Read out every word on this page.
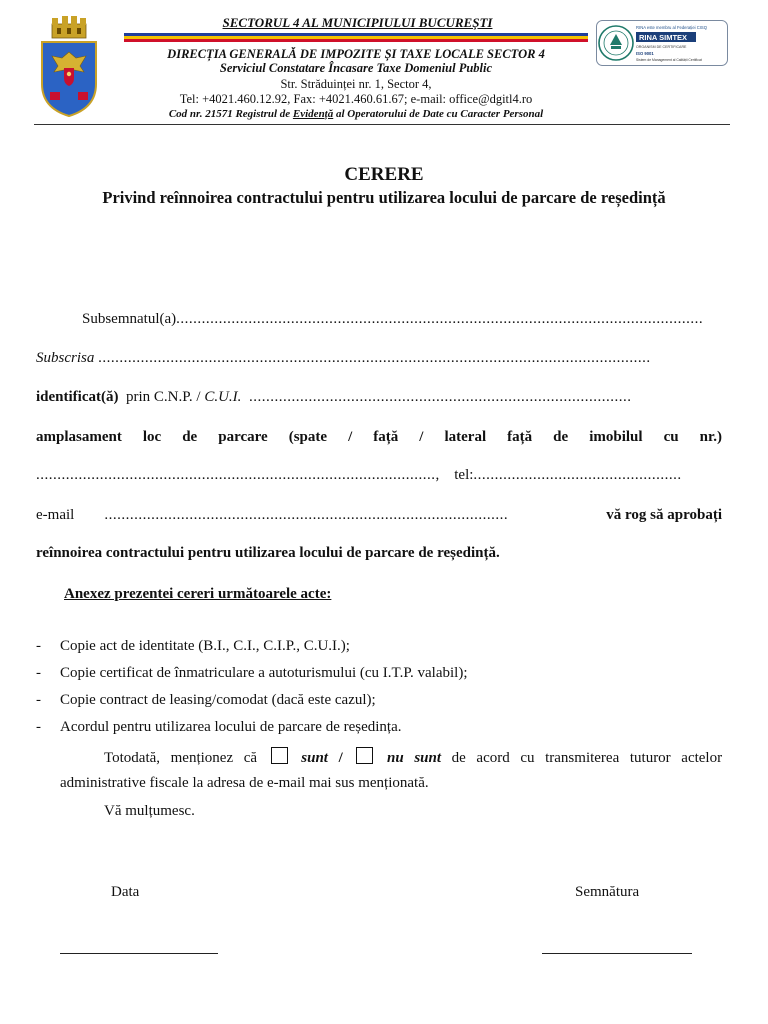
SECTORUL 4 AL MUNICIPIULUI BUCUREȘTI
DIRECȚIA GENERALĂ DE IMPOZITE ȘI TAXE LOCALE SECTOR 4
Serviciul Constatare Încasare Taxe Domeniul Public
Str. Străduinței nr. 1, Sector 4,
Tel: +4021.460.12.92, Fax: +4021.460.61.67; e-mail: office@dgitl4.ro
Cod nr. 21571 Registrul de Evidență al Operatorului de Date cu Caracter Personal
RINA este membru al Federației CISQ
RINA SIMTEX
ORGANISM DE CERTIFICARE
ISO 9001
Sistem de Management al Calității Certificat
CERERE
Privind reînnoirea contractului pentru utilizarea locului de parcare de reședință
Subsemnatul(a)............................................................................................................................
Subscrisa ..................................................................................................................................
identificat(ă) prin C.N.P. / C.U.I. ..........................................................................................
amplasament loc de parcare (spate / față / lateral față de imobilul cu nr.)
..............................................................................................,    tel:.................................................
e-mail ...............................................................................................	vă rog să aprobați
reînnoirea contractului pentru utilizarea locului de parcare de reședință.
Anexez prezentei cereri următoarele acte:
- Copie act de identitate (B.I., C.I., C.I.P., C.U.I.);
- Copie certificat de înmatriculare a autoturismului (cu I.T.P. valabil);
- Copie contract de leasing/comodat (dacă este cazul);
- Acordul pentru utilizarea locului de parcare de reședința.
Totodată, menționez că	sunt /	nu sunt de acord cu transmiterea tuturor actelor
administrative fiscale la adresa de e-mail mai sus menționată.
Vă mulțumesc.
Data	Semnătura
